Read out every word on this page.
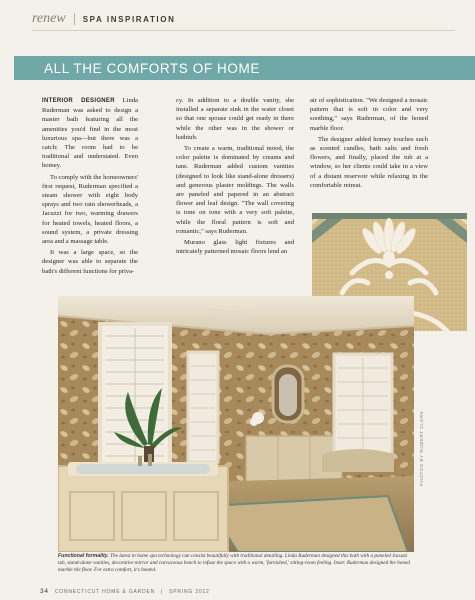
renew SPA INSPIRATION
ALL THE COMFORTS OF HOME

INTERIOR DESIGNER Linda Ruderman was asked to design a master bath featuring all the amenities you'd find in the most luxurious spa—but there was a catch: The room had to be traditional and understated. Even homey.

To comply with the homeowners' first request, Ruderman specified a steam shower with eight body sprays and two rain showerheads, a Jacuzzi for two, warming drawers for heated towels, heated floors, a sound system, a private dressing area and a massage table.

It was a large space, so the designer was able to separate the bath's different functions for priva-

cy. In addition to a double vanity, she installed a separate sink in the water closet so that one spouse could get ready in there while the other was in the shower or bathtub.

To create a warm, traditional mood, the color palette is dominated by creams and tans. Ruderman added custom vanities (designed to look like stand-alone dressers) and generous plaster moldings. The walls are paneled and papered in an abstract flower and leaf design. "The wall covering is tone on tone with a very soft palette, while the floral pattern is soft and romantic," says Ruderman.

Murano glass light fixtures and intricately patterned mosaic floors lend an

air of sophistication. "We designed a mosaic pattern that is soft in color and very soothing," says Ruderman, of the honed marble floor.

The designer added homey touches such as scented candles, bath salts and fresh flowers, and finally, placed the tub at a window, so her clients could take in a view of a distant reservoir while relaxing in the comfortable retreat.

PHOTOS BY ROBERT CLERK
Functional formality. The latest in home spa technology can coexist beautifully with traditional detailing. Linda Ruderman designed this bath with a paneled Jacuzzi tub, stand-alone vanities, decorative mirror and curvaceous bench to infuse the space with a warm, 'furnished,' sitting-room feeling. Inset: Ruderman designed the honed marble tile floor. For extra comfort, it's heated.
34 CONNECTICUT HOME & GARDEN | SPRING 2012
